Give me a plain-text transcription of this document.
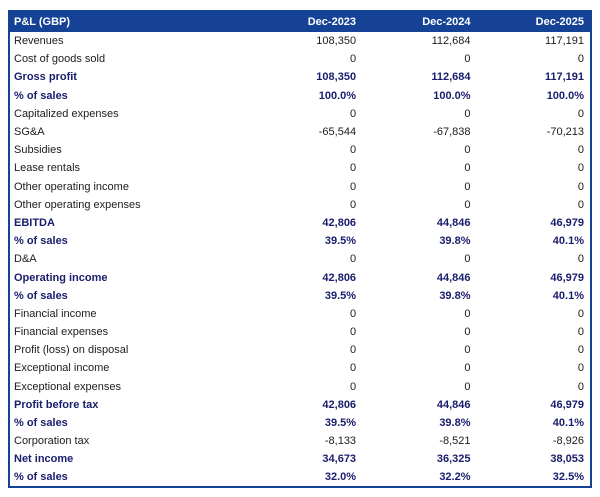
P&L (GBP)	Dec-2023	Dec-2024	Dec-2025
Revenues	108,350	112,684	117,191
Cost of goods sold	0	0	0
Gross profit	108,350	112,684	117,191
% of sales	100.0%	100.0%	100.0%
Capitalized expenses	0	0	0
SG&A	-65,544	-67,838	-70,213
Subsidies	0	0	0
Lease rentals	0	0	0
Other operating income	0	0	0
Other operating expenses	0	0	0
EBITDA	42,806	44,846	46,979
% of sales	39.5%	39.8%	40.1%
D&A	0	0	0
Operating income	42,806	44,846	46,979
% of sales	39.5%	39.8%	40.1%
Financial income	0	0	0
Financial expenses	0	0	0
Profit (loss) on disposal	0	0	0
Exceptional income	0	0	0
Exceptional expenses	0	0	0
Profit before tax	42,806	44,846	46,979
% of sales	39.5%	39.8%	40.1%
Corporation tax	-8,133	-8,521	-8,926
Net income	34,673	36,325	38,053
% of sales	32.0%	32.2%	32.5%
